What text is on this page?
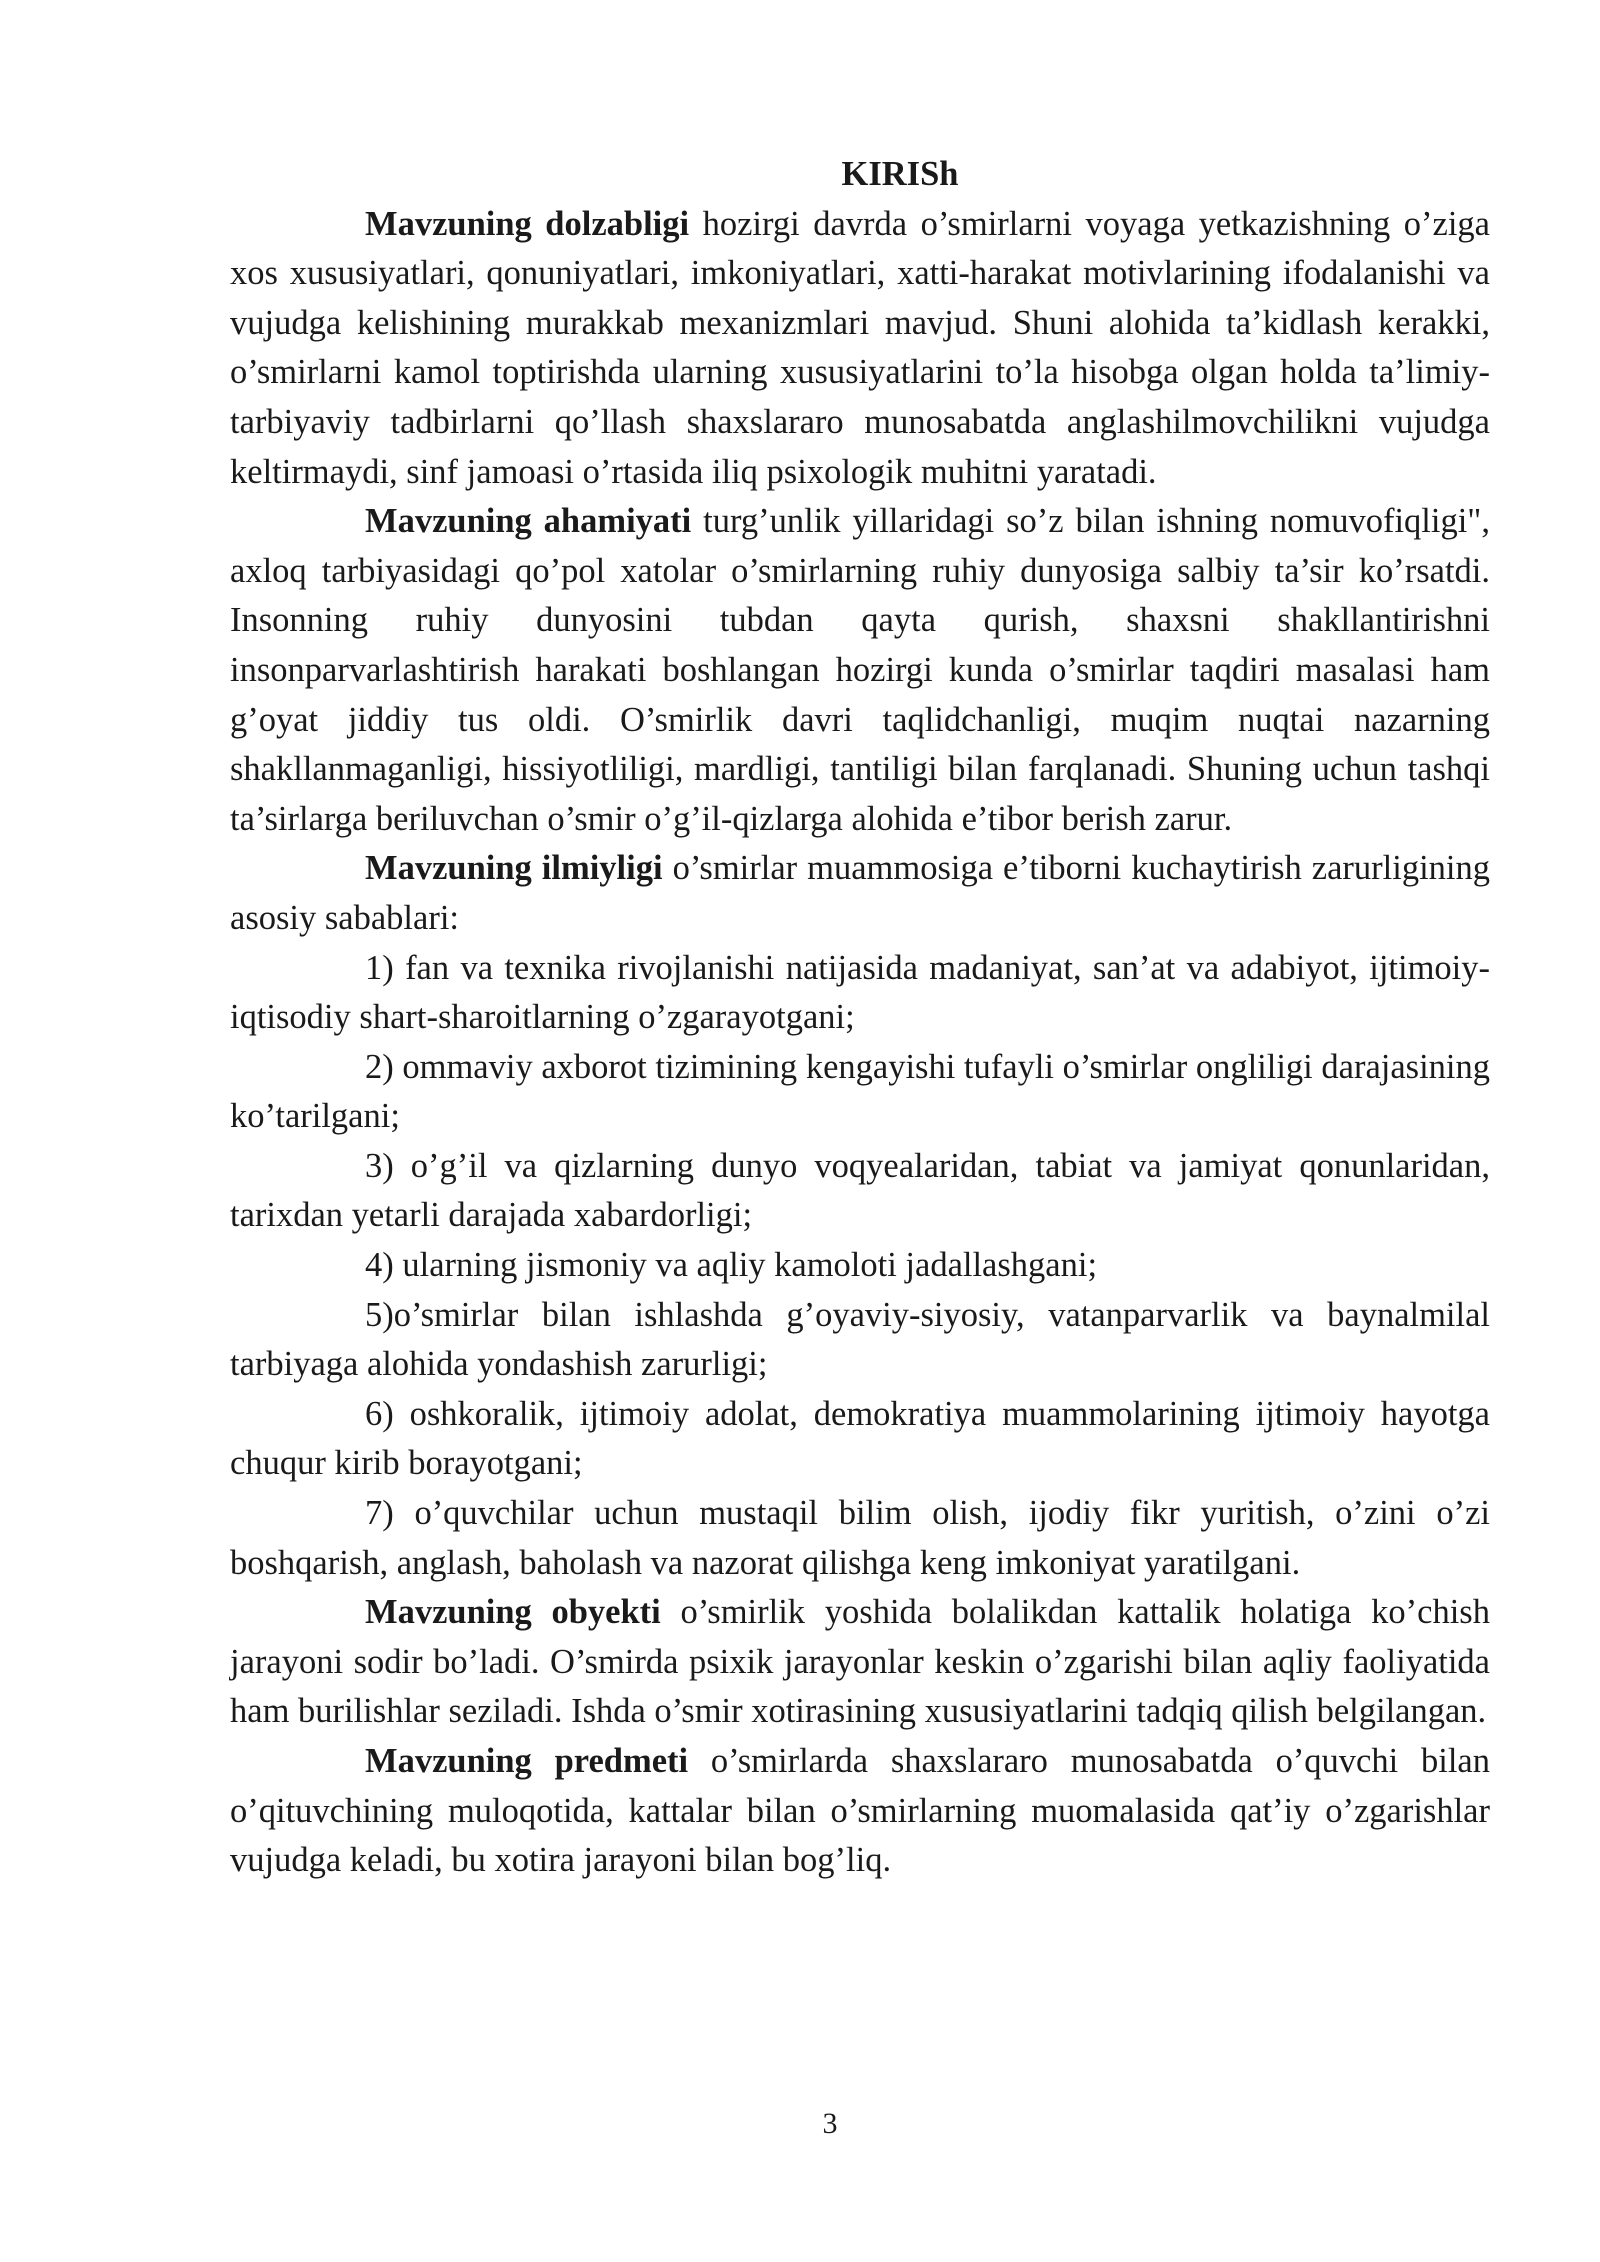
KIRISh

Mavzuning dolzabligi hozirgi davrda o’smirlarni voyaga yetkazishning o’ziga xos xususiyatlari, qonuniyatlari, imkoniyatlari, xatti-harakat motivlarining ifodalanishi va vujudga kelishining murakkab mexanizmlari mavjud. Shuni alohida ta’kidlash kerakki, o’smirlarni kamol toptirishda ularning xususiyatlarini to’la hisobga olgan holda ta’limiy-tarbiyaviy tadbirlarni qo’llash shaxslararo munosabatda anglashilmovchilikni vujudga keltirmaydi, sinf jamoasi o’rtasida iliq psixologik muhitni yaratadi.

Mavzuning ahamiyati turg’unlik yillaridagi so’z bilan ishning nomuvofiqligi", axloq tarbiyasidagi qo’pol xatolar o’smirlarning ruhiy dunyosiga salbiy ta’sir ko’rsatdi. Insonning ruhiy dunyosini tubdan qayta qurish, shaxsni shakllantirishni insonparvarlashtirish harakati boshlangan hozirgi kunda o’smirlar taqdiri masalasi ham g’oyat jiddiy tus oldi. O’smirlik davri taqlidchanligi, muqim nuqtai nazarning shakllanmaganligi, hissiyotliligi, mardligi, tantiligi bilan farqlanadi. Shuning uchun tashqi ta’sirlarga beriluvchan o’smir o’g’il-qizlarga alohida e’tibor berish zarur.

Mavzuning ilmiyligi o’smirlar muammosiga e’tiborni kuchaytirish zarurligining asosiy sabablari:

1) fan va texnika rivojlanishi natijasida madaniyat, san’at va adabiyot, ijtimoiy-iqtisodiy shart-sharoitlarning o’zgarayotgani;

2) ommaviy axborot tizimining kengayishi tufayli o’smirlar ongliligi darajasining ko’tarilgani;

3) o’g’il va qizlarning dunyo voqyealaridan, tabiat va jamiyat qonunlaridan, tarixdan yetarli darajada xabardorligi;

4) ularning jismoniy va aqliy kamoloti jadallashgani;

5)o’smirlar bilan ishlashda g’oyaviy-siyosiy, vatanparvarlik va baynalmilal tarbiyaga alohida yondashish zarurligi;

6) oshkoralik, ijtimoiy adolat, demokratiya muammolarining ijtimoiy hayotga chuqur kirib borayotgani;

7) o’quvchilar uchun mustaqil bilim olish, ijodiy fikr yuritish, o’zini o’zi boshqarish, anglash, baholash va nazorat qilishga keng imkoniyat yaratilgani.

Mavzuning obyekti o’smirlik yoshida bolalikdan kattalik holatiga ko’chish jarayoni sodir bo’ladi. O’smirda psixik jarayonlar keskin o’zgarishi bilan aqliy faoliyatida ham burilishlar seziladi. Ishda o’smir xotirasining xususiyatlarini tadqiq qilish belgilangan.

Mavzuning predmeti o’smirlarda shaxslararo munosabatda o’quvchi bilan o’qituvchining muloqotida, kattalar bilan o’smirlarning muomalasida qat’iy o’zgarishlar vujudga keladi, bu xotira jarayoni bilan bog’liq.

3
